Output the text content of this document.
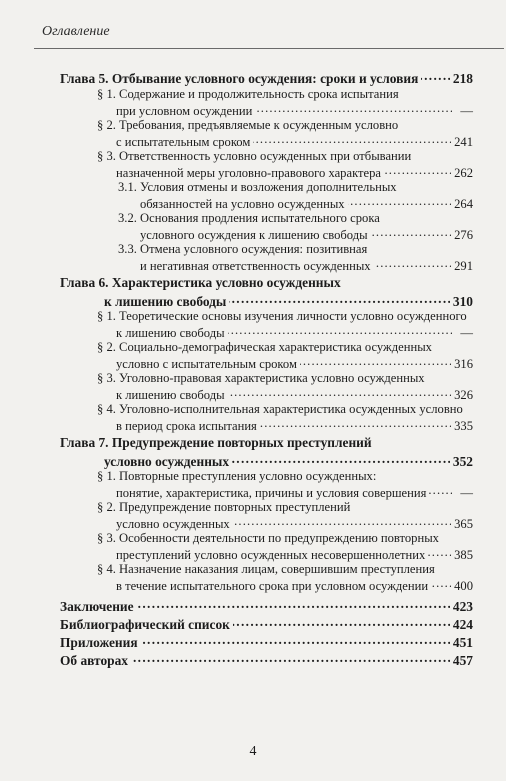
Оглавление
Глава 5. Отбывание условного осуждения: сроки и условия . . .	218
§ 1. Содержание и продолжительность срока испытания
при условном осуждении . . .	—
§ 2. Требования, предъявляемые к осужденным условно
с испытательным сроком . . .	241
§ 3. Ответственность условно осужденных при отбывании
назначенной меры уголовно-правового характера . . .	262
3.1. Условия отмены и возложения дополнительных
обязанностей на условно осужденных . . .	264
3.2. Основания продления испытательного срока
условного осуждения к лишению свободы . . .	276
3.3. Отмена условного осуждения: позитивная
и негативная ответственность осужденных . . .	291
Глава 6. Характеристика условно осужденных
к лишению свободы . . .	310
§ 1. Теоретические основы изучения личности условно осужденного
к лишению свободы . . .	—
§ 2. Социально-демографическая характеристика осужденных
условно с испытательным сроком . . .	316
§ 3. Уголовно-правовая характеристика условно осужденных
к лишению свободы . . .	326
§ 4. Уголовно-исполнительная характеристика осужденных условно
в период срока испытания . . .	335
Глава 7. Предупреждение повторных преступлений
условно осужденных . . .	352
§ 1. Повторные преступления условно осужденных:
понятие, характеристика, причины и условия совершения . . .	—
§ 2. Предупреждение повторных преступлений
условно осужденных . . .	365
§ 3. Особенности деятельности по предупреждению повторных
преступлений условно осужденных несовершеннолетних . . . 385
§ 4. Назначение наказания лицам, совершившим преступления
в течение испытательного срока при условном осуждении . . . 400
Заключение . . .	423
Библиографический список . . .	424
Приложения . . .	451
Об авторах . . .	457
4
